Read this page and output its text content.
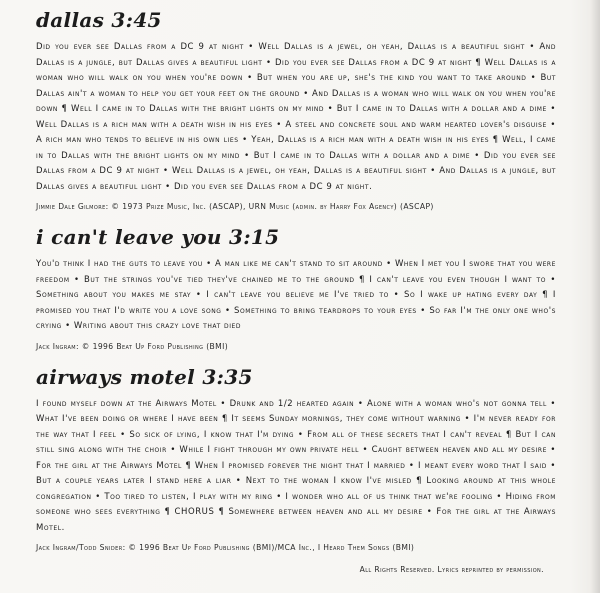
dallas 3:45

Did you ever see Dallas from a DC 9 at night • Well Dallas is a jewel, oh yeah, Dallas is a beautiful sight • And Dallas is a jungle, but Dallas gives a beautiful light • Did you ever see Dallas from a DC 9 at night ¶ Well Dallas is a woman who will walk on you when you're down • But when you are up, she's the kind you want to take around • But Dallas ain't a woman to help you get your feet on the ground • And Dallas is a woman who will walk on you when you're down ¶ Well I came in to Dallas with the bright lights on my mind • But I came in to Dallas with a dollar and a dime • Well Dallas is a rich man with a death wish in his eyes • A steel and concrete soul and warm hearted lover's disguise • A rich man who tends to believe in his own lies • Yeah, Dallas is a rich man with a death wish in his eyes ¶ Well, I came in to Dallas with the bright lights on my mind • But I came in to Dallas with a dollar and a dime • Did you ever see Dallas from a DC 9 at night • Well Dallas is a jewel, oh yeah, Dallas is a beautiful sight • And Dallas is a jungle, but Dallas gives a beautiful light • Did you ever see Dallas from a DC 9 at night.

Jimmie Dale Gilmore: © 1973 Prize Music, Inc. (ASCAP), URN Music (admin. by Harry Fox Agency) (ASCAP)

i can't leave you 3:15

You'd think I had the guts to leave you • A man like me can't stand to sit around • When I met you I swore that you were freedom • But the strings you've tied they've chained me to the ground ¶ I can't leave you even though I want to • Something about you makes me stay • I can't leave you believe me I've tried to • So I wake up hating every day ¶ I promised you that I'd write you a love song • Something to bring teardrops to your eyes • So far I'm the only one who's crying • Writing about this crazy love that died

Jack Ingram: © 1996 Beat Up Ford Publishing (BMI)

airways motel 3:35

I found myself down at the Airways Motel • Drunk and 1/2 hearted again • Alone with a woman who's not gonna tell • What I've been doing or where I have been ¶ It seems Sunday mornings, they come without warning • I'm never ready for the way that I feel • So sick of lying, I know that I'm dying • From all of these secrets that I can't reveal ¶ But I can still sing along with the choir • While I fight through my own private hell • Caught between heaven and all my desire • For the girl at the Airways Motel ¶ When I promised forever the night that I married • I meant every word that I said • But a couple years later I stand here a liar • Next to the woman I know I've misled ¶ Looking around at this whole congregation • Too tired to listen, I play with my ring • I wonder who all of us think that we're fooling • Hiding from someone who sees everything ¶ CHORUS ¶ Somewhere between heaven and all my desire • For the girl at the Airways Motel.

Jack Ingram/Todd Snider: © 1996 Beat Up Ford Publishing (BMI)/MCA Inc., I Heard Them Songs (BMI)

All Rights Reserved. Lyrics reprinted by permission.
